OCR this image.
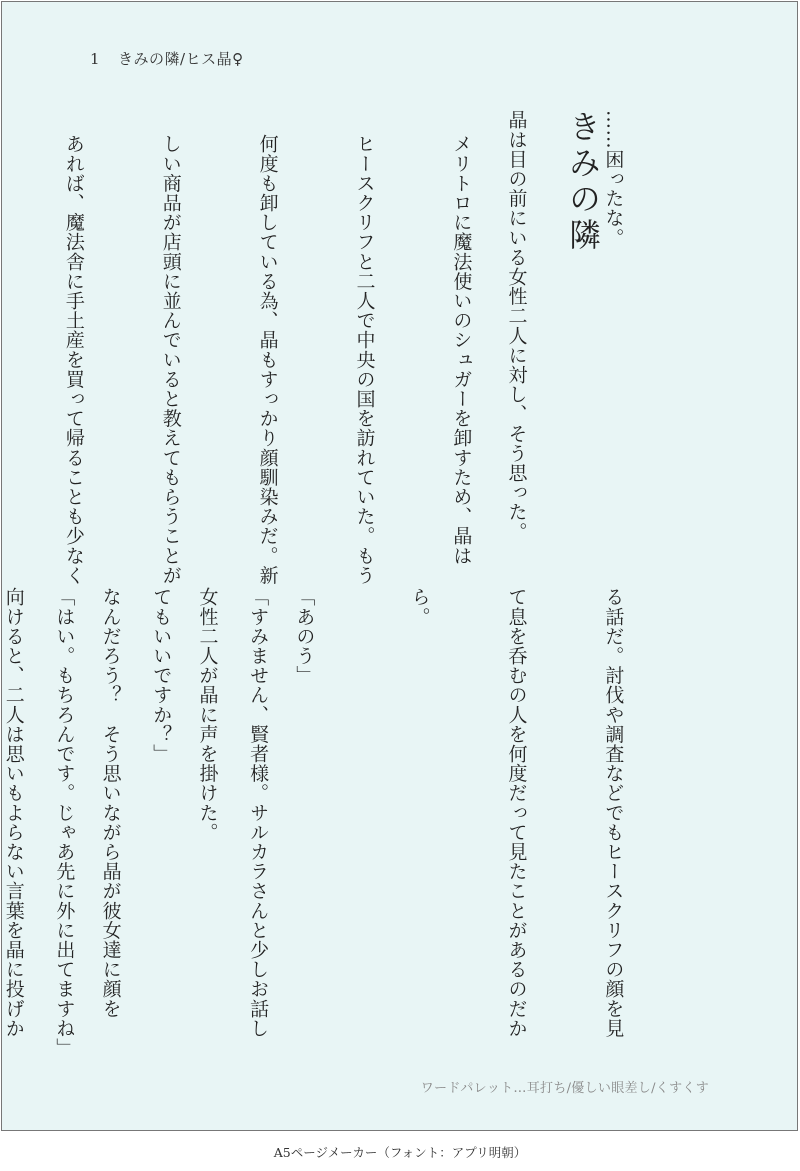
1 きみの隣/ヒス晶♀

……困ったな。

晶は目の前にいる女性二人に対し、そう思った。

きみの隣

メリトロに魔法使いのシュガーを卸すため、晶は

ヒースクリフと二人で中央の国を訪れていた。もう

何度も卸している為、晶もすっかり顔馴染みだ。新

しい商品が店頭に並んでいると教えてもらうことが

あれば、魔法舎に手土産を買って帰ることも少なく

る話だ。討伐や調査などでもヒースクリフの顔を見

て息を呑むの人を何度だって見たことがあるのだか

ら。

「すみません、賢者様。サルカラさんと少しお話し

てもいいですか？」

「はい。もちろんです。じゃあ先に外に出てますね」

	「あのう」

女性二人が晶に声を掛けた。

なんだろう？　そう思いながら晶が彼女達に顔を

向けると、二人は思いもよらない言葉を晶に投げか

ワードパレット…耳打ち/優しい眼差し/くすくす
A5ページメーカー（フォント：アプリ明朝）
